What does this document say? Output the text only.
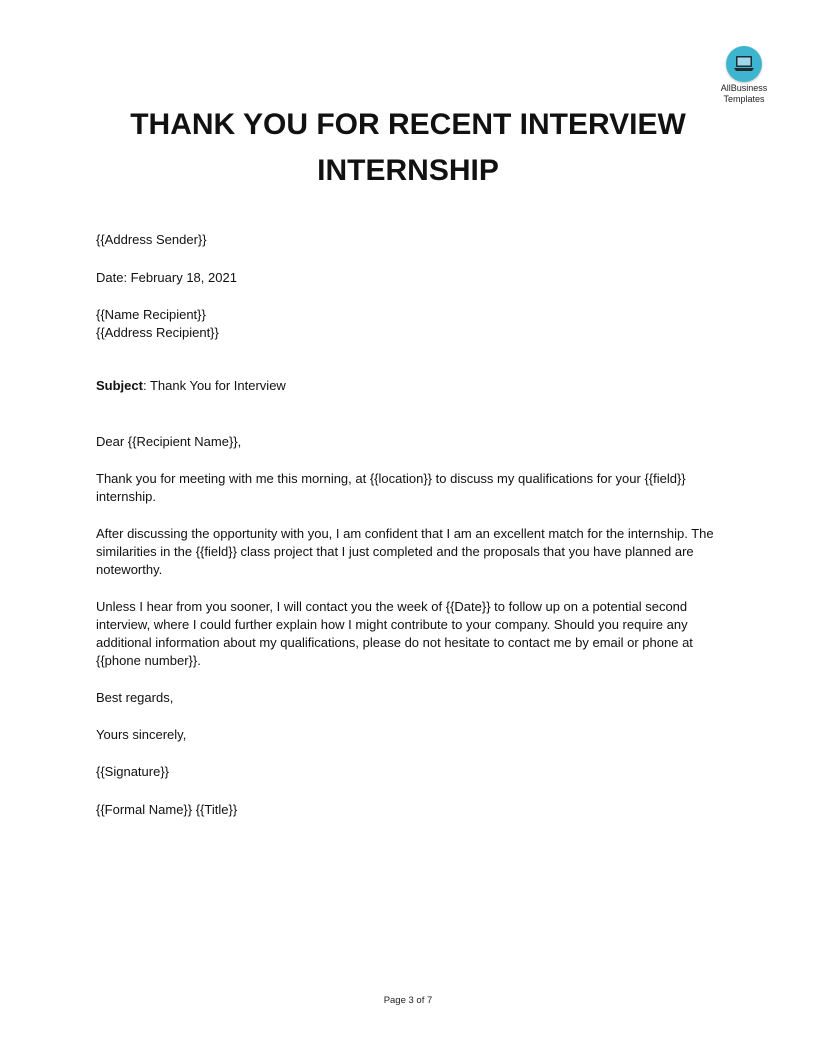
AllBusiness
Templates
THANK YOU FOR RECENT INTERVIEW
INTERNSHIP
{{Address Sender}}
Date: February 18, 2021
{{Name Recipient}}
{{Address Recipient}}
Subject: Thank You for Interview
Dear {{Recipient Name}},

Thank you for meeting with me this morning, at {{location}} to discuss my qualifications for your {{field}} internship.

After discussing the opportunity with you, I am confident that I am an excellent match for the internship. The similarities in the {{field}} class project that I just completed and the proposals that you have planned are noteworthy.

Unless I hear from you sooner, I will contact you the week of {{Date}} to follow up on a potential second interview, where I could further explain how I might contribute to your company. Should you require any additional information about my qualifications, please do not hesitate to contact me by email or phone at {{phone number}}.

Best regards,
Yours sincerely,
{{Signature}}
{{Formal Name}} {{Title}}
Page 3 of 7
